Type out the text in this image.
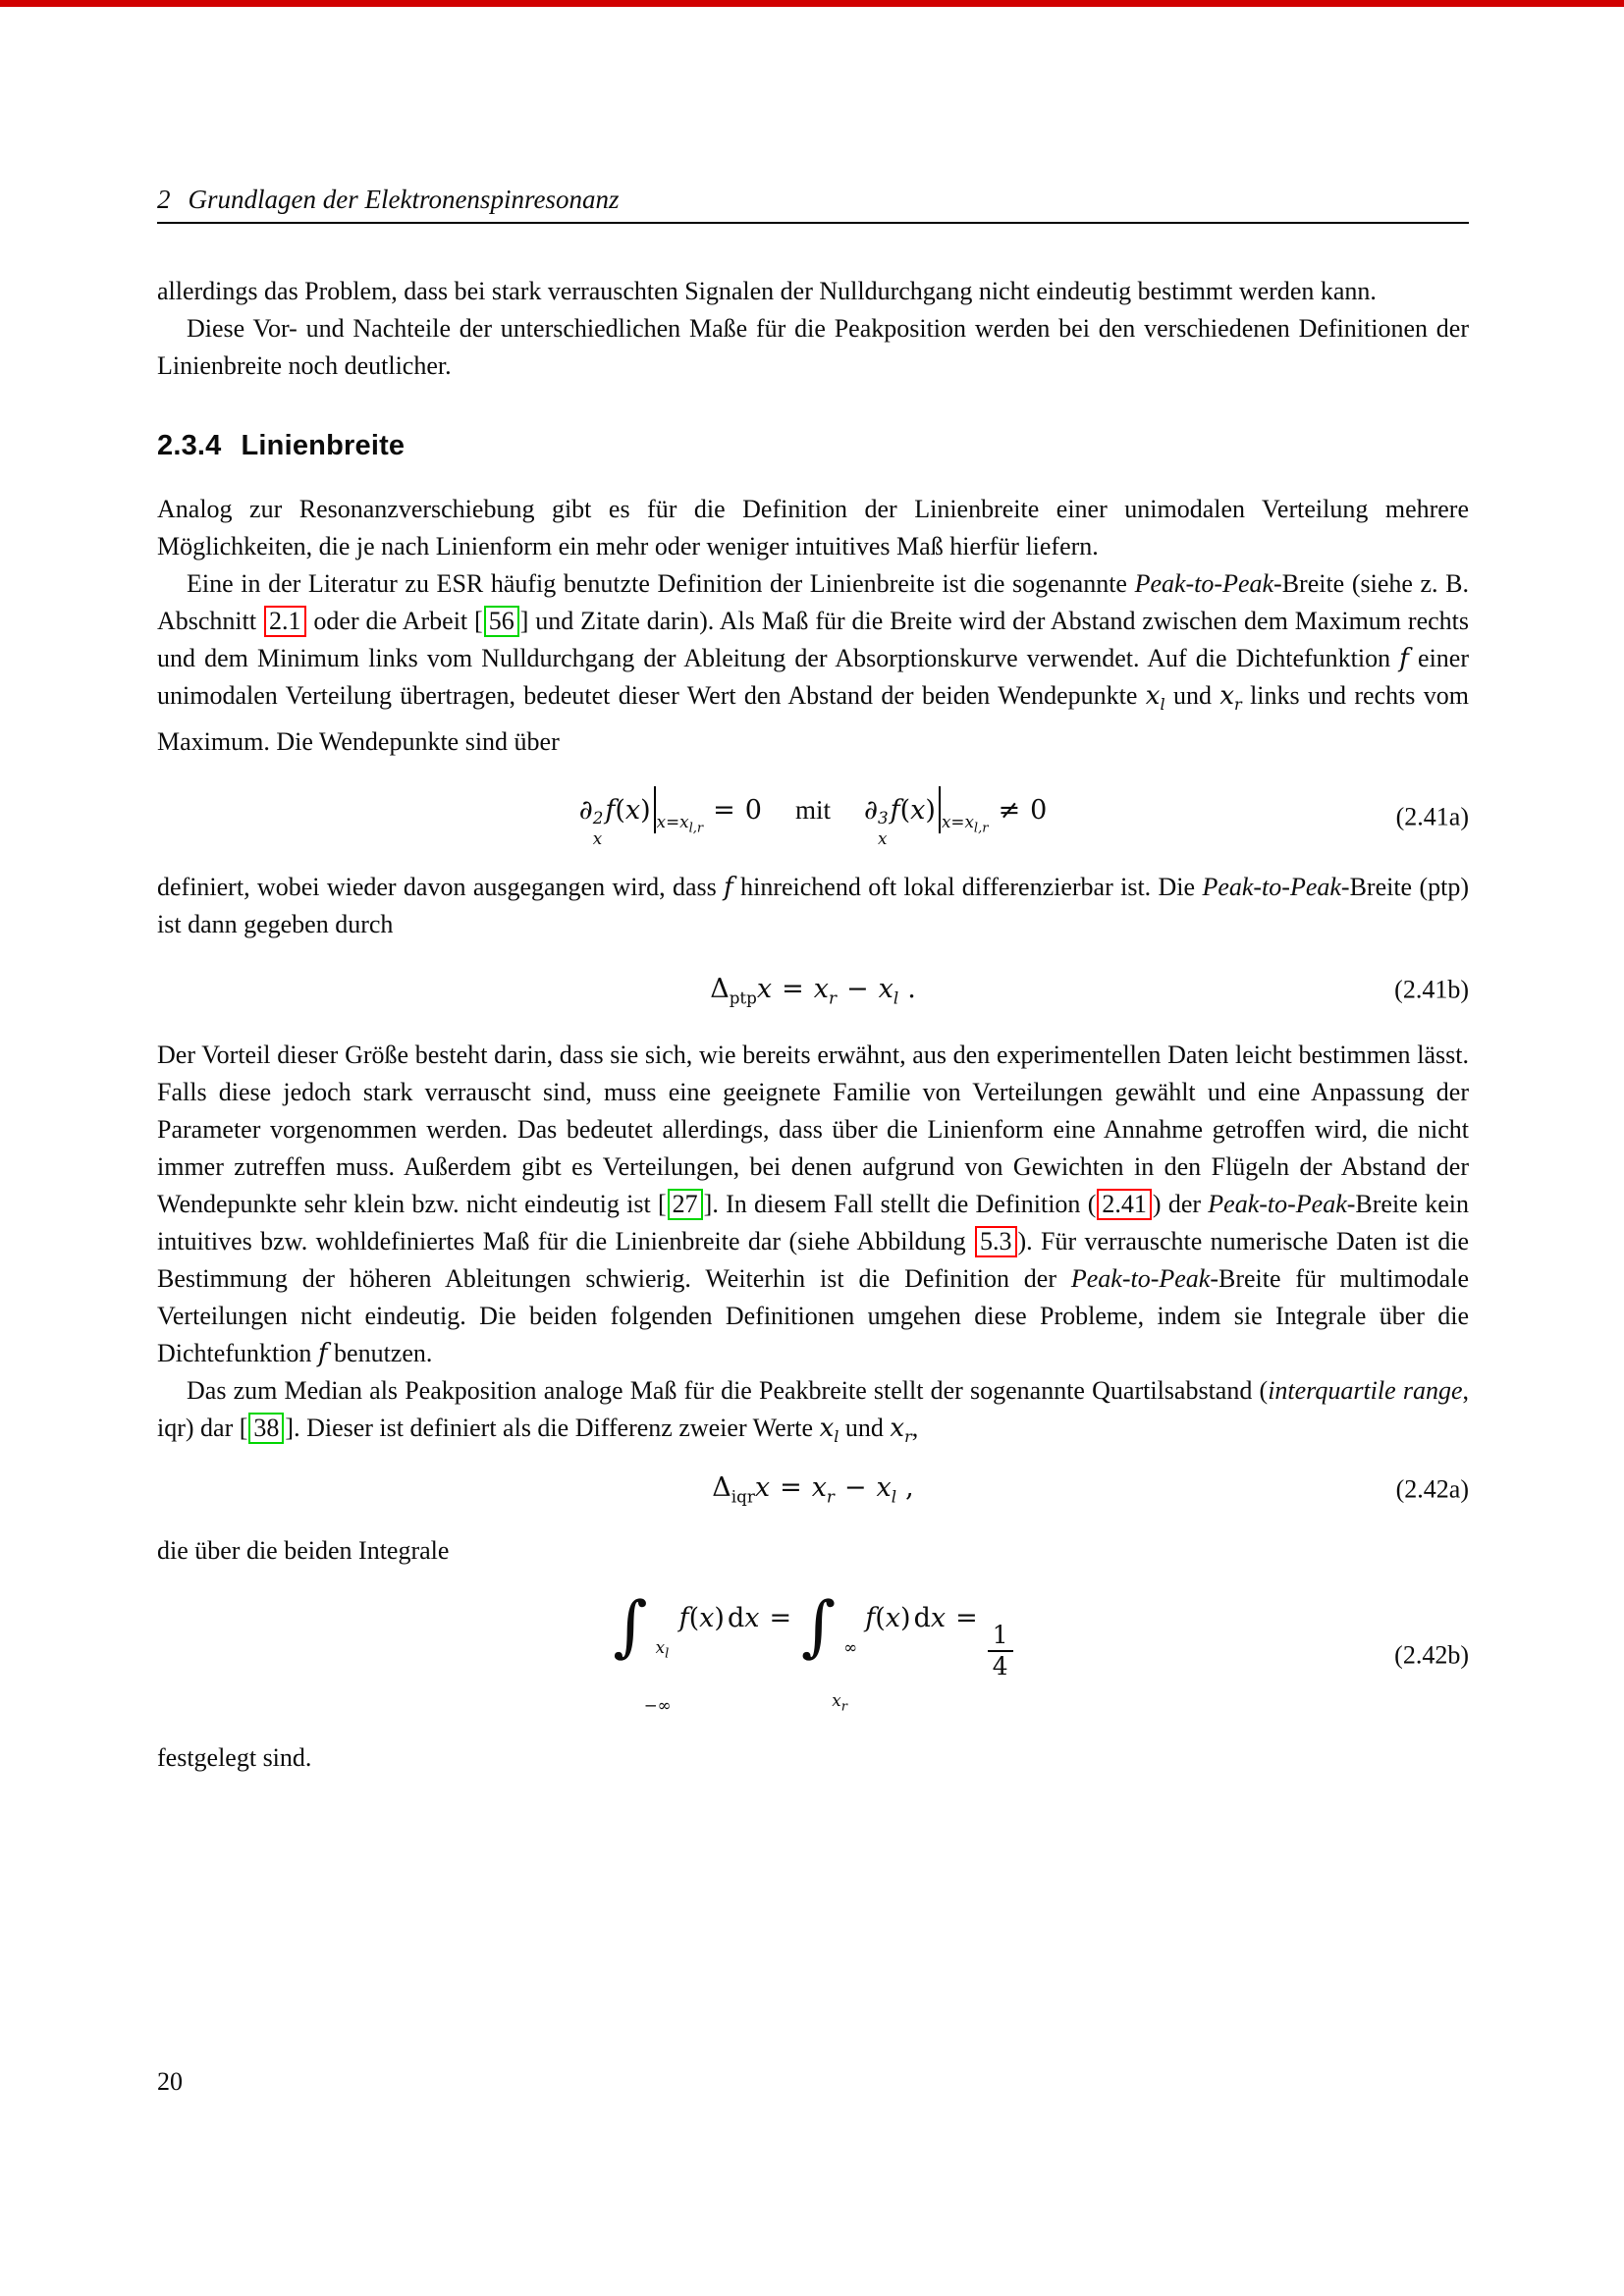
2 Grundlagen der Elektronenspinresonanz

allerdings das Problem, dass bei stark verrauschten Signalen der Nulldurchgang nicht eindeutig bestimmt werden kann.

Diese Vor- und Nachteile der unterschiedlichen Maße für die Peakposition werden bei den verschiedenen Definitionen der Linienbreite noch deutlicher.

2.3.4 Linienbreite

Analog zur Resonanzverschiebung gibt es für die Definition der Linienbreite einer unimodalen Verteilung mehrere Möglichkeiten, die je nach Linienform ein mehr oder weniger intuitives Maß hierfür liefern.

Eine in der Literatur zu ESR häufig benutzte Definition der Linienbreite ist die sogenannte Peak-to-Peak-Breite (siehe z. B. Abschnitt 2.1 oder die Arbeit [ 56 ] und Zitate darin). Als Maß für die Breite wird der Abstand zwischen dem Maximum rechts und dem Minimum links vom Nulldurchgang der Ableitung der Absorptionskurve verwendet. Auf die Dichtefunktion f einer unimodalen Verteilung übertragen, bedeutet dieser Wert den Abstand der beiden Wendepunkte $x_l$ und $x_r$ links und rechts vom Maximum. Die Wendepunkte sind über

∂ 2
x
f(x) $_{x=x_{l,r}}$= 0 mit ∂ 3
x
f(x) $_{x=x_{l,r}}$≠ 0	(2.41a)

definiert, wobei wieder davon ausgegangen wird, dass f hinreichend oft lokal differenzierbar ist. Die Peak-to-Peak-Breite (ptp) ist dann gegeben durch

$\Delta_{ptp}x = x_r - x_l$ .	(2.41b)

Der Vorteil dieser Größe besteht darin, dass sie sich, wie bereits erwähnt, aus den experimentellen Daten leicht bestimmen lässt. Falls diese jedoch stark verrauscht sind, muss eine geeignete Familie von Verteilungen gewählt und eine Anpassung der Parameter vorgenommen werden. Das bedeutet allerdings, dass über die Linienform eine Annahme getroffen wird, die nicht immer zutreffen muss. Außerdem gibt es Verteilungen, bei denen aufgrund von Gewichten in den Flügeln der Abstand der Wendepunkte sehr klein bzw. nicht eindeutig ist [ 27 ]. In diesem Fall stellt die Definition ( 2.41 ) der Peak-to-Peak-Breite kein intuitives bzw. wohldefiniertes Maß für die Linienbreite dar (siehe Abbildung 5.3 ). Für verrauschte numerische Daten ist die Bestimmung der höheren Ableitungen schwierig. Weiterhin ist die Definition der Peak-to-Peak-Breite für multimodale Verteilungen nicht eindeutig. Die beiden folgenden Definitionen umgehen diese Probleme, indem sie Integrale über die Dichtefunktion f benutzen.

Das zum Median als Peakposition analoge Maß für die Peakbreite stellt der sogenannte Quartilsabstand (interquartile range, iqr) dar [ 38 ]. Dieser ist definiert als die Differenz zweier Werte $x_l$ und $x_r$,

$\Delta_{iqr}x = x_r - x_l$ ,	(2.42a)

die über die beiden Integrale

∫ $x_l$
−∞
f(x) dx = ∫ ∞
$x_r$
f(x) dx =
$\frac{1}{4}$	(2.42b)

festgelegt sind.

20
